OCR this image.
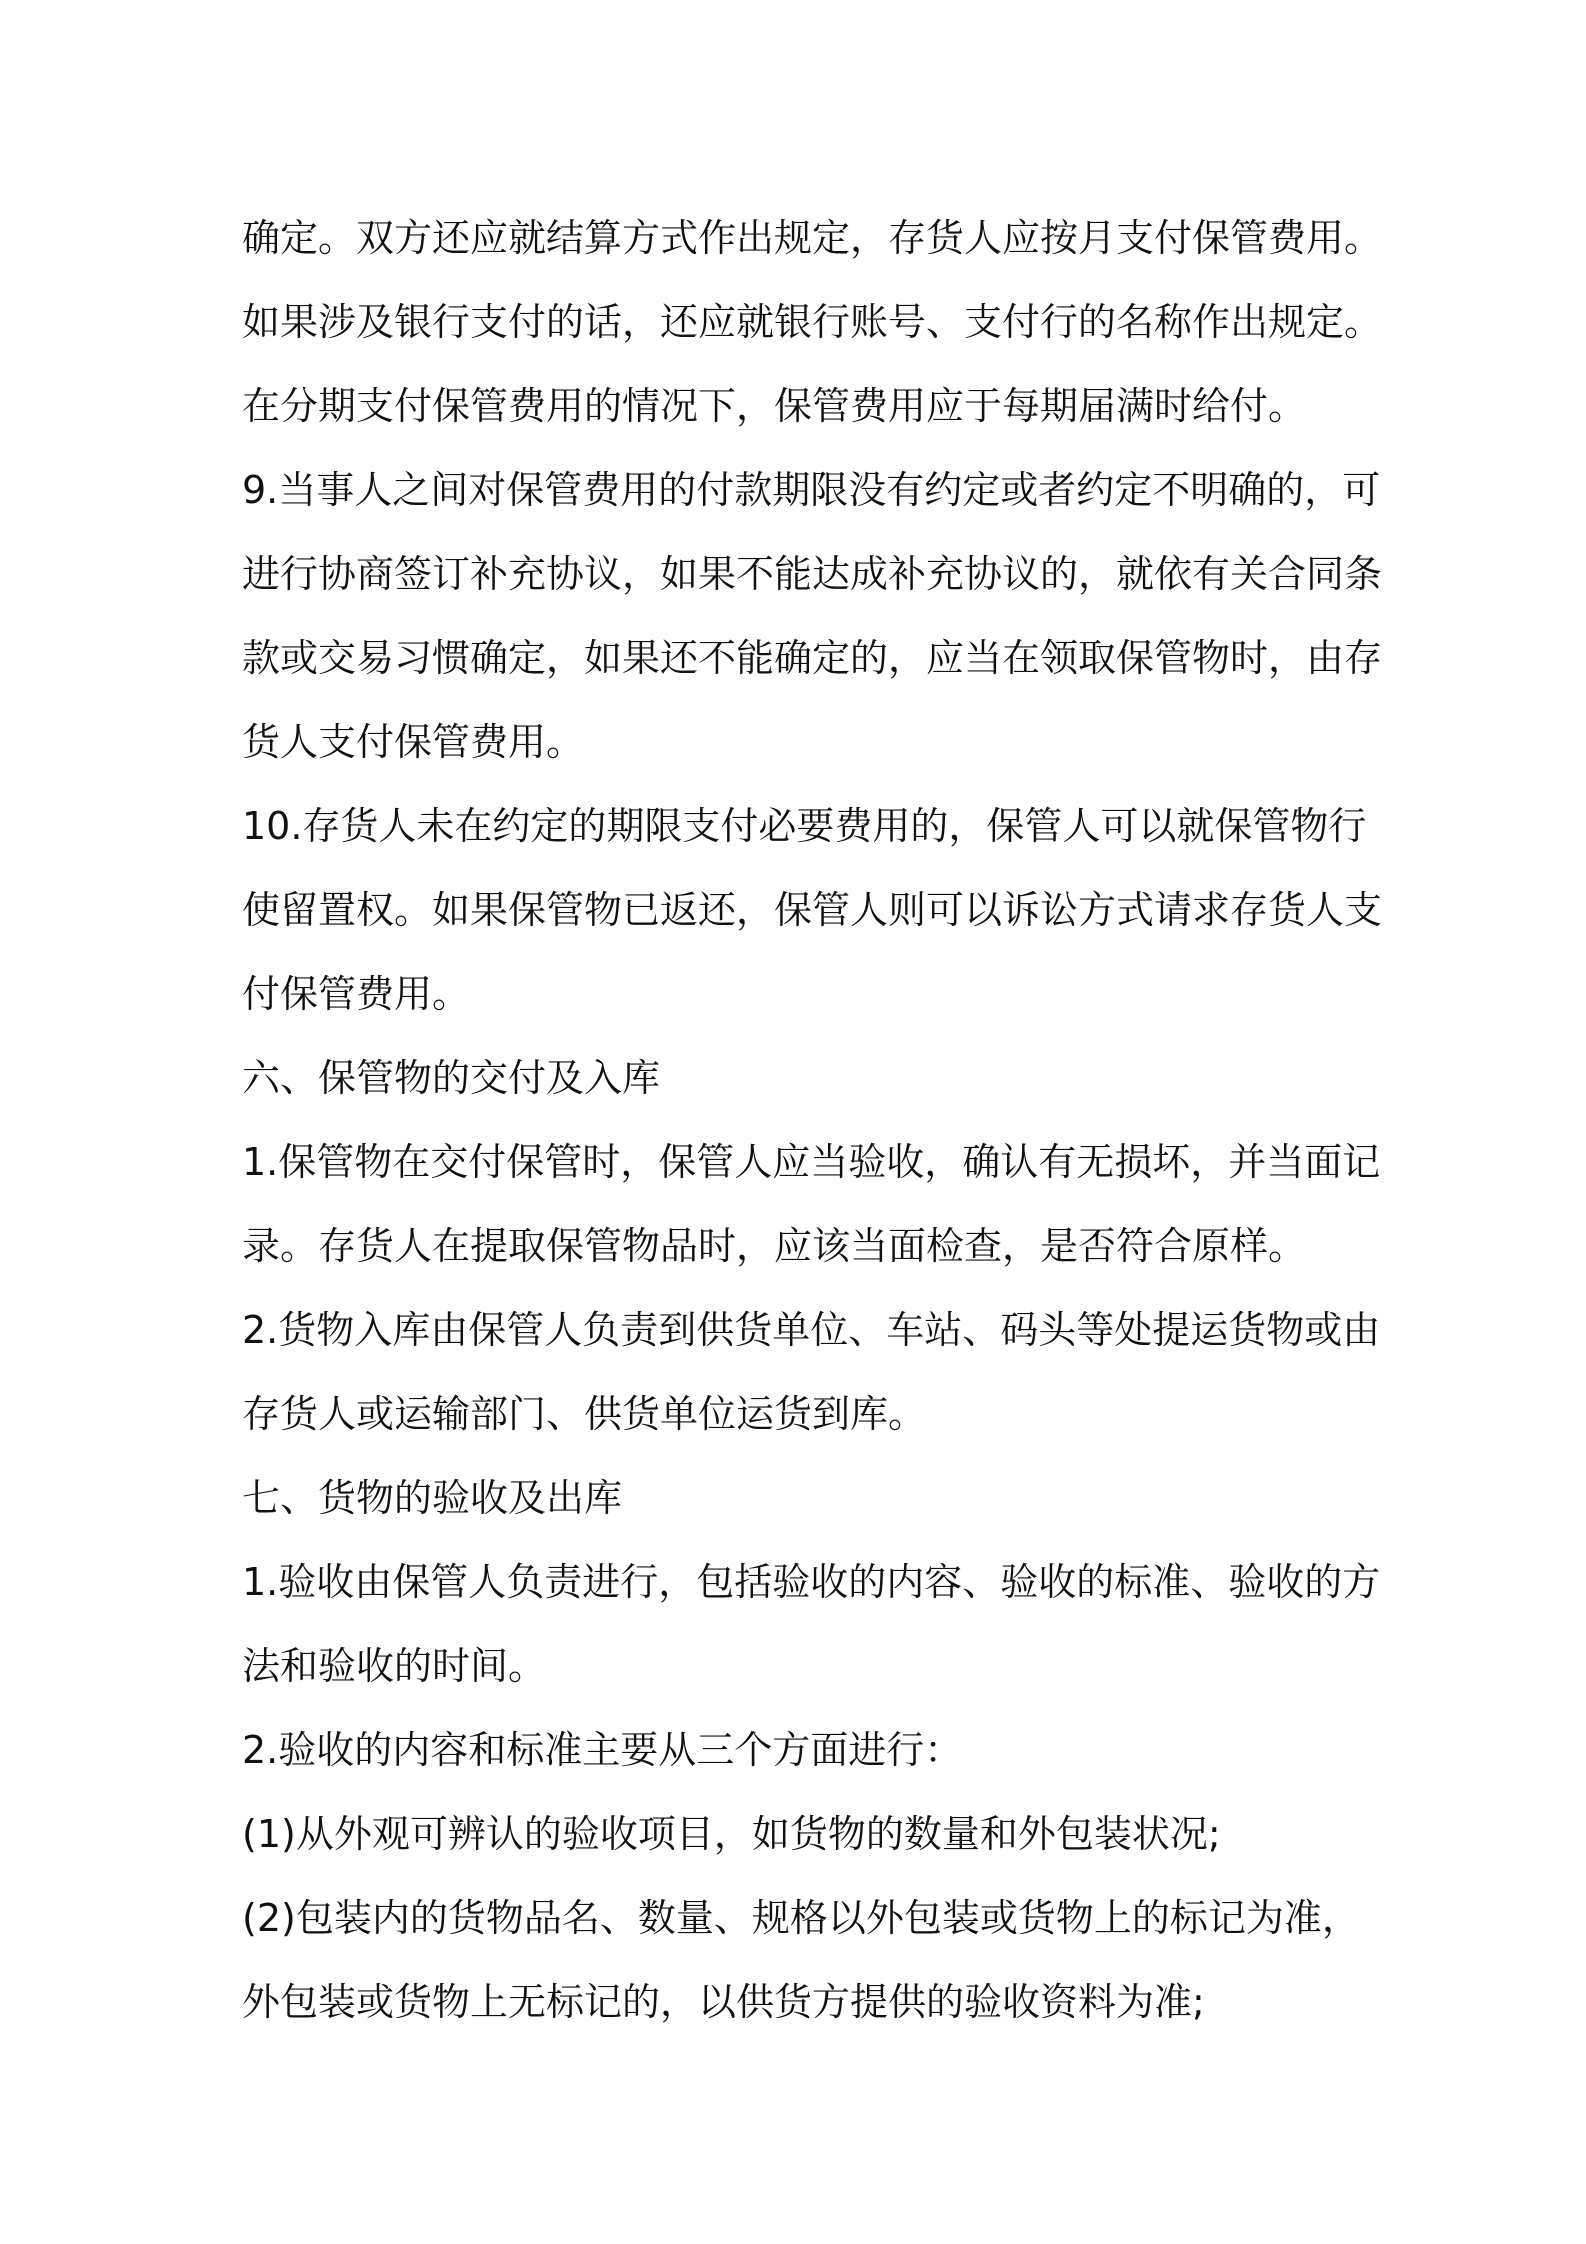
确定。双方还应就结算方式作出规定，存货人应按月支付保管费用。
如果涉及银行支付的话，还应就银行账号、支付行的名称作出规定。
在分期支付保管费用的情况下，保管费用应于每期届满时给付。
9.当事人之间对保管费用的付款期限没有约定或者约定不明确的，可
进行协商签订补充协议，如果不能达成补充协议的，就依有关合同条
款或交易习惯确定，如果还不能确定的，应当在领取保管物时，由存
货人支付保管费用。
10.存货人未在约定的期限支付必要费用的，保管人可以就保管物行
使留置权。如果保管物已返还，保管人则可以诉讼方式请求存货人支
付保管费用。
六、保管物的交付及入库
1.保管物在交付保管时，保管人应当验收，确认有无损坏，并当面记
录。存货人在提取保管物品时，应该当面检查，是否符合原样。
2.货物入库由保管人负责到供货单位、车站、码头等处提运货物或由
存货人或运输部门、供货单位运货到库。
七、货物的验收及出库
1.验收由保管人负责进行，包括验收的内容、验收的标准、验收的方
法和验收的时间。
2.验收的内容和标准主要从三个方面进行：
(1)从外观可辨认的验收项目，如货物的数量和外包装状况;
(2)包装内的货物品名、数量、规格以外包装或货物上的标记为准，
外包装或货物上无标记的，以供货方提供的验收资料为准;
